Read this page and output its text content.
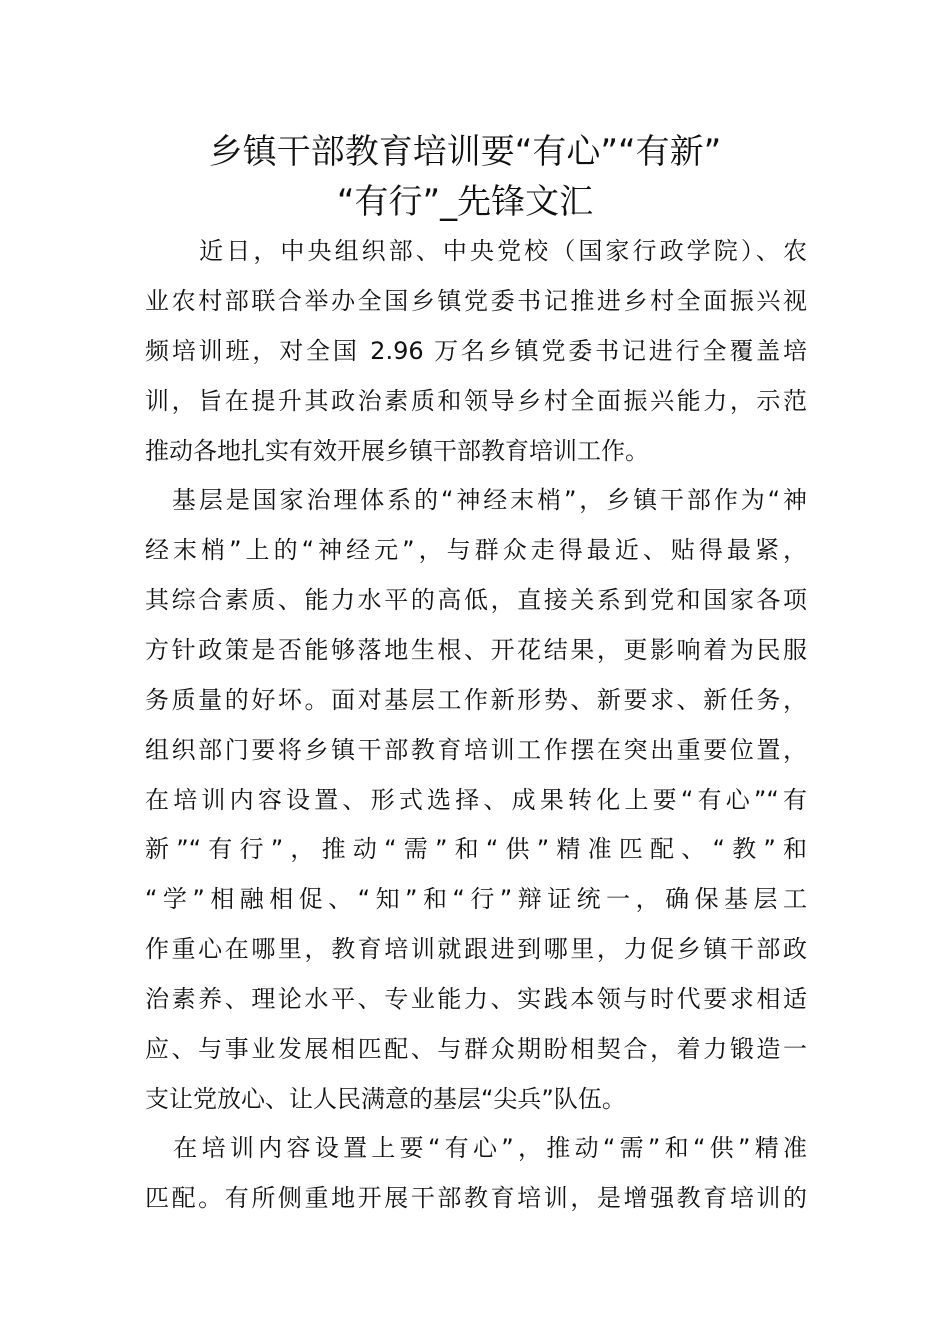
乡镇干部教育培训要“有心”“有新”
“有行”_先锋文汇
　　近日，中央组织部、中央党校（国家行政学院）、农
业农村部联合举办全国乡镇党委书记推进乡村全面振兴视
频培训班，对全国 2.96 万名乡镇党委书记进行全覆盖培
训，旨在提升其政治素质和领导乡村全面振兴能力，示范
推动各地扎实有效开展乡镇干部教育培训工作。
　基层是国家治理体系的“神经末梢”，乡镇干部作为“神
经末梢”上的“神经元”，与群众走得最近、贴得最紧，
其综合素质、能力水平的高低，直接关系到党和国家各项
方针政策是否能够落地生根、开花结果，更影响着为民服
务质量的好坏。面对基层工作新形势、新要求、新任务，
组织部门要将乡镇干部教育培训工作摆在突出重要位置，
在培训内容设置、形式选择、成果转化上要“有心”“有
新”“有行”，推动“需”和“供”精准匹配、“教”和
“学”相融相促、“知”和“行”辩证统一，确保基层工
作重心在哪里，教育培训就跟进到哪里，力促乡镇干部政
治素养、理论水平、专业能力、实践本领与时代要求相适
应、与事业发展相匹配、与群众期盼相契合，着力锻造一
支让党放心、让人民满意的基层“尖兵”队伍。
　在培训内容设置上要“有心”，推动“需”和“供”精准
匹配。有所侧重地开展干部教育培训，是增强教育培训的
